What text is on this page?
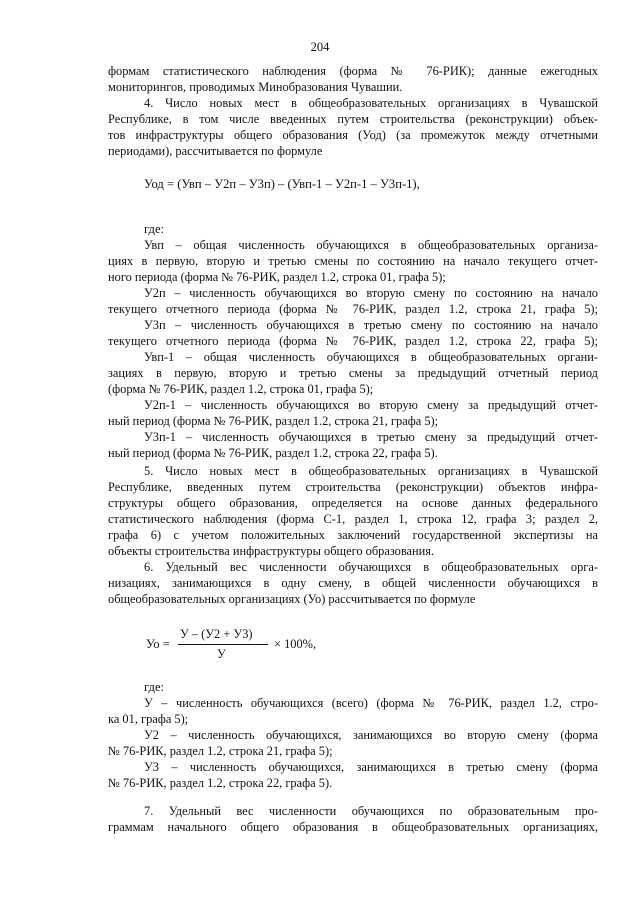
204
формам статистического наблюдения (форма № 76-РИК); данные ежегодных
мониторингов, проводимых Минобразования Чувашии.
4. Число новых мест в общеобразовательных организациях в Чувашской
Республике, в том числе введенных путем строительства (реконструкции) объек-
тов инфраструктуры общего образования (Уод) (за промежуток между отчетными
периодами), рассчитывается по формуле
Уод = (Увп – У2п – У3п) – (Увп-1 – У2п-1 – У3п-1),
где:
Увп – общая численность обучающихся в общеобразовательных организа-
циях в первую, вторую и третью смены по состоянию на начало текущего отчет-
ного периода (форма № 76-РИК, раздел 1.2, строка 01, графа 5);
У2п – численность обучающихся во вторую смену по состоянию на начало
текущего отчетного периода (форма № 76-РИК, раздел 1.2, строка 21, графа 5);
У3п – численность обучающихся в третью смену по состоянию на начало
текущего отчетного периода (форма № 76-РИК, раздел 1.2, строка 22, графа 5);
Увп-1 – общая численность обучающихся в общеобразовательных органи-
зациях в первую, вторую и третью смены за предыдущий отчетный период
(форма № 76-РИК, раздел 1.2, строка 01, графа 5);
У2п-1 – численность обучающихся во вторую смену за предыдущий отчет-
ный период (форма № 76-РИК, раздел 1.2, строка 21, графа 5);
У3п-1 – численность обучающихся в третью смену за предыдущий отчет-
ный период (форма № 76-РИК, раздел 1.2, строка 22, графа 5).
5. Число новых мест в общеобразовательных организациях в Чувашской
Республике, введенных путем строительства (реконструкции) объектов инфра-
структуры общего образования, определяется на основе данных федерального
статистического наблюдения (форма С-1, раздел 1, строка 12, графа 3; раздел 2,
графа 6) с учетом положительных заключений государственной экспертизы на
объекты строительства инфраструктуры общего образования.
6. Удельный вес численности обучающихся в общеобразовательных орга-
низациях, занимающихся в одну смену, в общей численности обучающихся в
общеобразовательных организациях (Уо) рассчитывается по формуле
Уо =
У – (У2 + У3)
У
× 100%,
где:
У – численность обучающихся (всего) (форма № 76-РИК, раздел 1.2, стро-
ка 01, графа 5);
У2 – численность обучающихся, занимающихся во вторую смену (форма
№ 76-РИК, раздел 1.2, строка 21, графа 5);
У3 – численность обучающихся, занимающихся в третью смену (форма
№ 76-РИК, раздел 1.2, строка 22, графа 5).
7. Удельный вес численности обучающихся по образовательным про-
граммам начального общего образования в общеобразовательных организациях,
